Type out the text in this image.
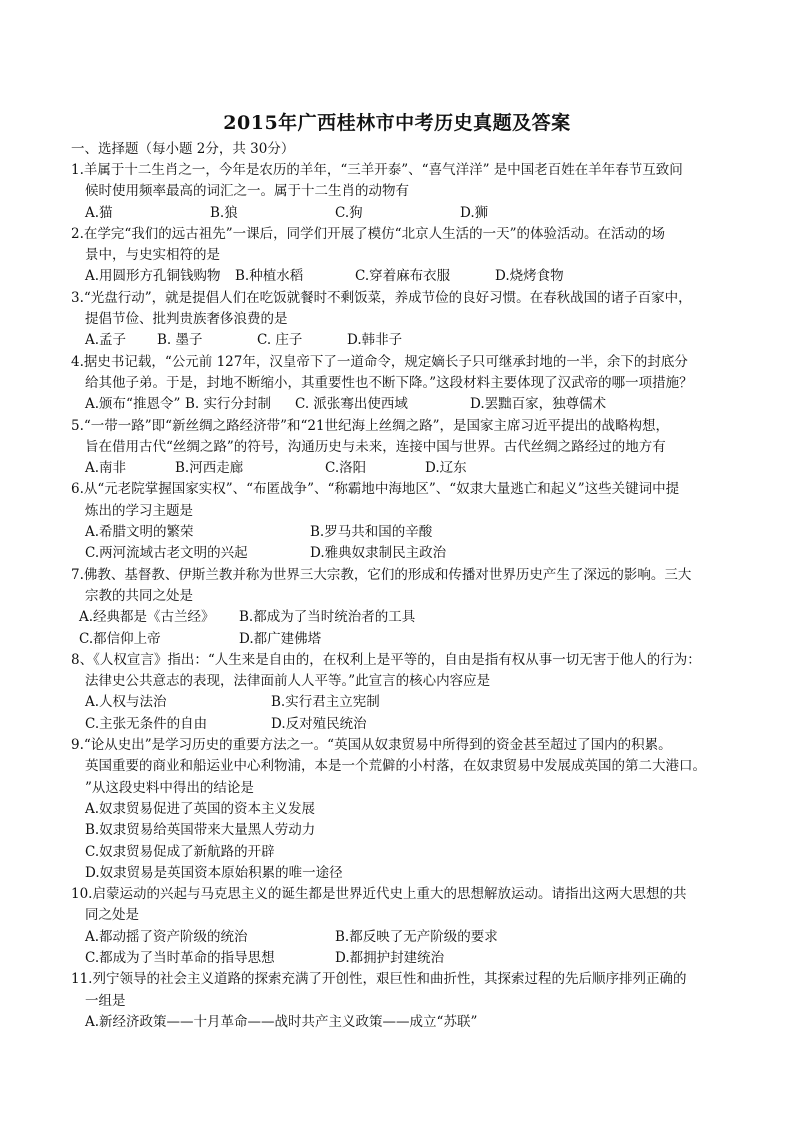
2015年广西桂林市中考历史真题及答案
一、选择题（每小题 2分，共 30分）
1.羊属于十二生肖之一，今年是农历的羊年，“三羊开泰”、“喜气洋洋” 是中国老百姓在羊年春节互致问
候时使用频率最高的词汇之一。属于十二生肖的动物有
A.猫	B.狼	C.狗	D.狮
2.在学完“我们的远古祖先”一课后，同学们开展了模仿“北京人生活的一天”的体验活动。在活动的场
景中，与史实相符的是
A.用圆形方孔铜钱购物	B.种植水稻	C.穿着麻布衣服	D.烧烤食物
3.“光盘行动”，就是提倡人们在吃饭就餐时不剩饭菜，养成节俭的良好习惯。在春秋战国的诸子百家中，
提倡节俭、批判贵族奢侈浪费的是
A.孟子	B. 墨子	C. 庄子	D.韩非子
4.据史书记载，“公元前 127年，汉皇帝下了一道命令，规定嫡长子只可继承封地的一半，余下的封底分
给其他子弟。于是，封地不断缩小，其重要性也不断下降。”这段材料主要体现了汉武帝的哪一项措施？
A.颁布“推恩令” B. 实行分封制	C. 派张骞出使西域	D.罢黜百家，独尊儒术
5.“一带一路”即“新丝绸之路经济带”和“21世纪海上丝绸之路”，是国家主席习近平提出的战略构想，
旨在借用古代“丝绸之路”的符号，沟通历史与未来，连接中国与世界。古代丝绸之路经过的地方有
A.南非	B.河西走廊	C.洛阳	D.辽东
6.从“元老院掌握国家实权”、“布匿战争”、“称霸地中海地区”、“奴隶大量逃亡和起义”这些关键词中提
炼出的学习主题是
A.希腊文明的繁荣	B.罗马共和国的辛酸
C.两河流域古老文明的兴起	D.雅典奴隶制民主政治
7.佛教、基督教、伊斯兰教并称为世界三大宗教，它们的形成和传播对世界历史产生了深远的影响。三大
宗教的共同之处是
A.经典都是《古兰经》	B.都成为了当时统治者的工具
C.都信仰上帝	D.都广建佛塔
8、《人权宣言》指出：“人生来是自由的，在权利上是平等的，自由是指有权从事一切无害于他人的行为：
法律史公共意志的表现，法律面前人人平等。”此宣言的核心内容应是
A.人权与法治	B.实行君主立宪制
C.主张无条件的自由	D.反对殖民统治
9.“论从史出”是学习历史的重要方法之一。“英国从奴隶贸易中所得到的资金甚至超过了国内的积累。
英国重要的商业和船运业中心利物浦，本是一个荒僻的小村落，在奴隶贸易中发展成英国的第二大港口。
”从这段史料中得出的结论是
A.奴隶贸易促进了英国的资本主义发展
B.奴隶贸易给英国带来大量黑人劳动力
C.奴隶贸易促成了新航路的开辟
D.奴隶贸易是英国资本原始积累的唯一途径
10.启蒙运动的兴起与马克思主义的诞生都是世界近代史上重大的思想解放运动。请指出这两大思想的共
同之处是
A.都动摇了资产阶级的统治	B.都反映了无产阶级的要求
C.都成为了当时革命的指导思想	D.都拥护封建统治
11.列宁领导的社会主义道路的探索充满了开创性，艰巨性和曲折性，其探索过程的先后顺序排列正确的
一组是
A.新经济政策——十月革命——战时共产主义政策——成立“苏联”
